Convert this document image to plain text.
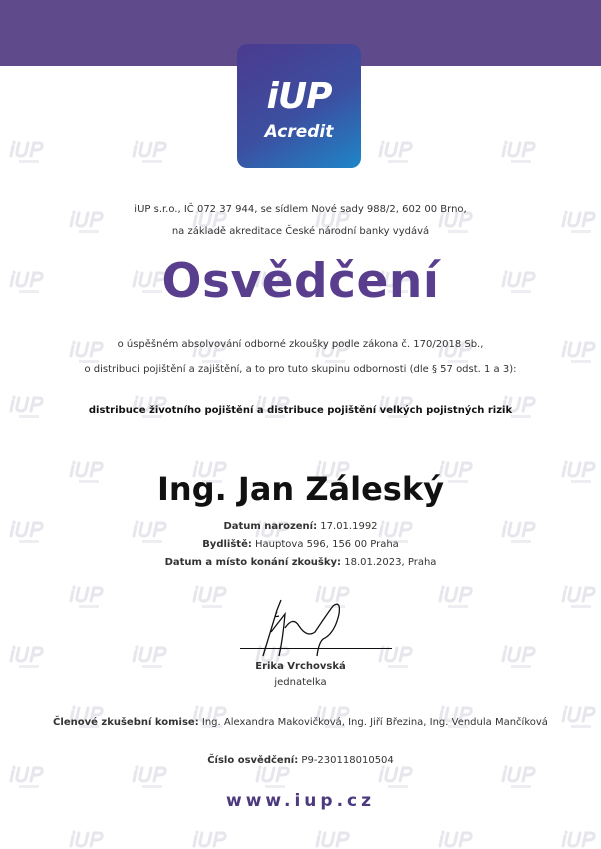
iUP
Acredit
iUP s.r.o., IČ 072 37 944, se sídlem Nové sady 988/2, 602 00 Brno,
na základě akreditace České národní banky vydává
Osvědčení
o úspěšném absolvování odborné zkoušky podle zákona č. 170/2018 Sb.,
o distribuci pojištění a zajištění, a to pro tuto skupinu odbornosti (dle § 57 odst. 1 a 3):
distribuce životního pojištění a distribuce pojištění velkých pojistných rizik
Ing. Jan Záleský
Datum narození: 17.01.1992
Bydliště: Hauptova 596, 156 00 Praha
Datum a místo konání zkoušky: 18.01.2023, Praha
Erika Vrchovská
jednatelka
Členové zkušební komise: Ing. Alexandra Makovičková, Ing. Jiří Březina, Ing. Vendula Mančíková
Číslo osvědčení: P9-230118010504
www.iup.cz
